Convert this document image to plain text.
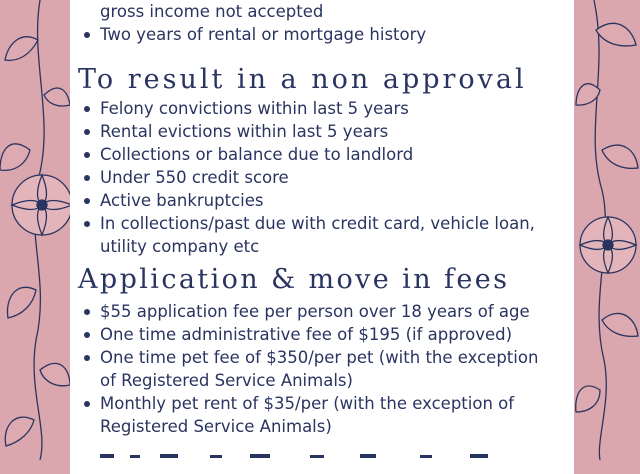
gross income not accepted
Two years of rental or mortgage history
To result in a non approval
Felony convictions within last 5 years
Rental evictions within last 5 years
Collections or balance due to landlord
Under 550 credit score
Active bankruptcies
In collections/past due with credit card, vehicle loan,
utility company etc
Application & move in fees
$55 application fee per person over 18 years of age
One time administrative fee of $195 (if approved)
One time pet fee of $350/per pet (with the exception
of Registered Service Animals)
Monthly pet rent of $35/per (with the exception of
Registered Service Animals)
